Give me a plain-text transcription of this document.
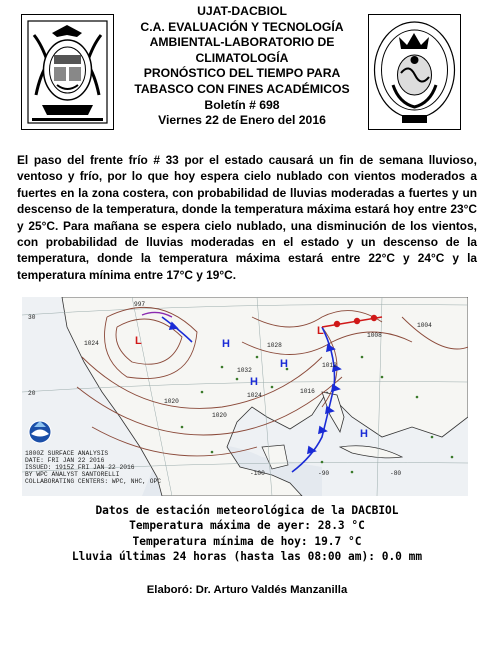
UJAT-DACBIOL
C.A. EVALUACIÓN Y TECNOLOGÍA
AMBIENTAL-LABORATORIO DE
CLIMATOLOGÍA
PRONÓSTICO DEL TIEMPO PARA
TABASCO CON FINES ACADÉMICOS
Boletín # 698
Viernes 22 de Enero del 2016
El paso del frente frío # 33 por el estado causará un fin de semana lluvioso, ventoso y frío, por lo que hoy espera cielo nublado con vientos moderados a fuertes en la zona costera, con probabilidad de lluvias moderadas a fuertes y un descenso de la temperatura, donde la temperatura máxima estará hoy entre 23°C y 25°C. Para mañana se espera cielo nublado, una disminución de los vientos, con probabilidad de lluvias moderadas en el estado y un descenso de la temperatura, donde la temperatura máxima estará entre 22°C y 24°C y la temperatura mínima entre 17°C y 19°C.
L
L
H
H
H
H
997
1024
1020
1012
1016
1020
1024
1028
1032
1008
1004
30
20
-100	-90	-80
1800Z SURFACE ANALYSIS
DATE: FRI JAN 22 2016
ISSUED: 1915Z FRI JAN 22 2016
BY WPC ANALYST SANTORELLI
COLLABORATING CENTERS: WPC, NHC, OPC
Datos de estación meteorológica de la DACBIOL
Temperatura máxima de ayer: 28.3 °C
Temperatura mínima de hoy: 19.7 °C
Lluvia últimas 24 horas (hasta las 08:00 am): 0.0 mm
Elaboró: Dr. Arturo Valdés Manzanilla
